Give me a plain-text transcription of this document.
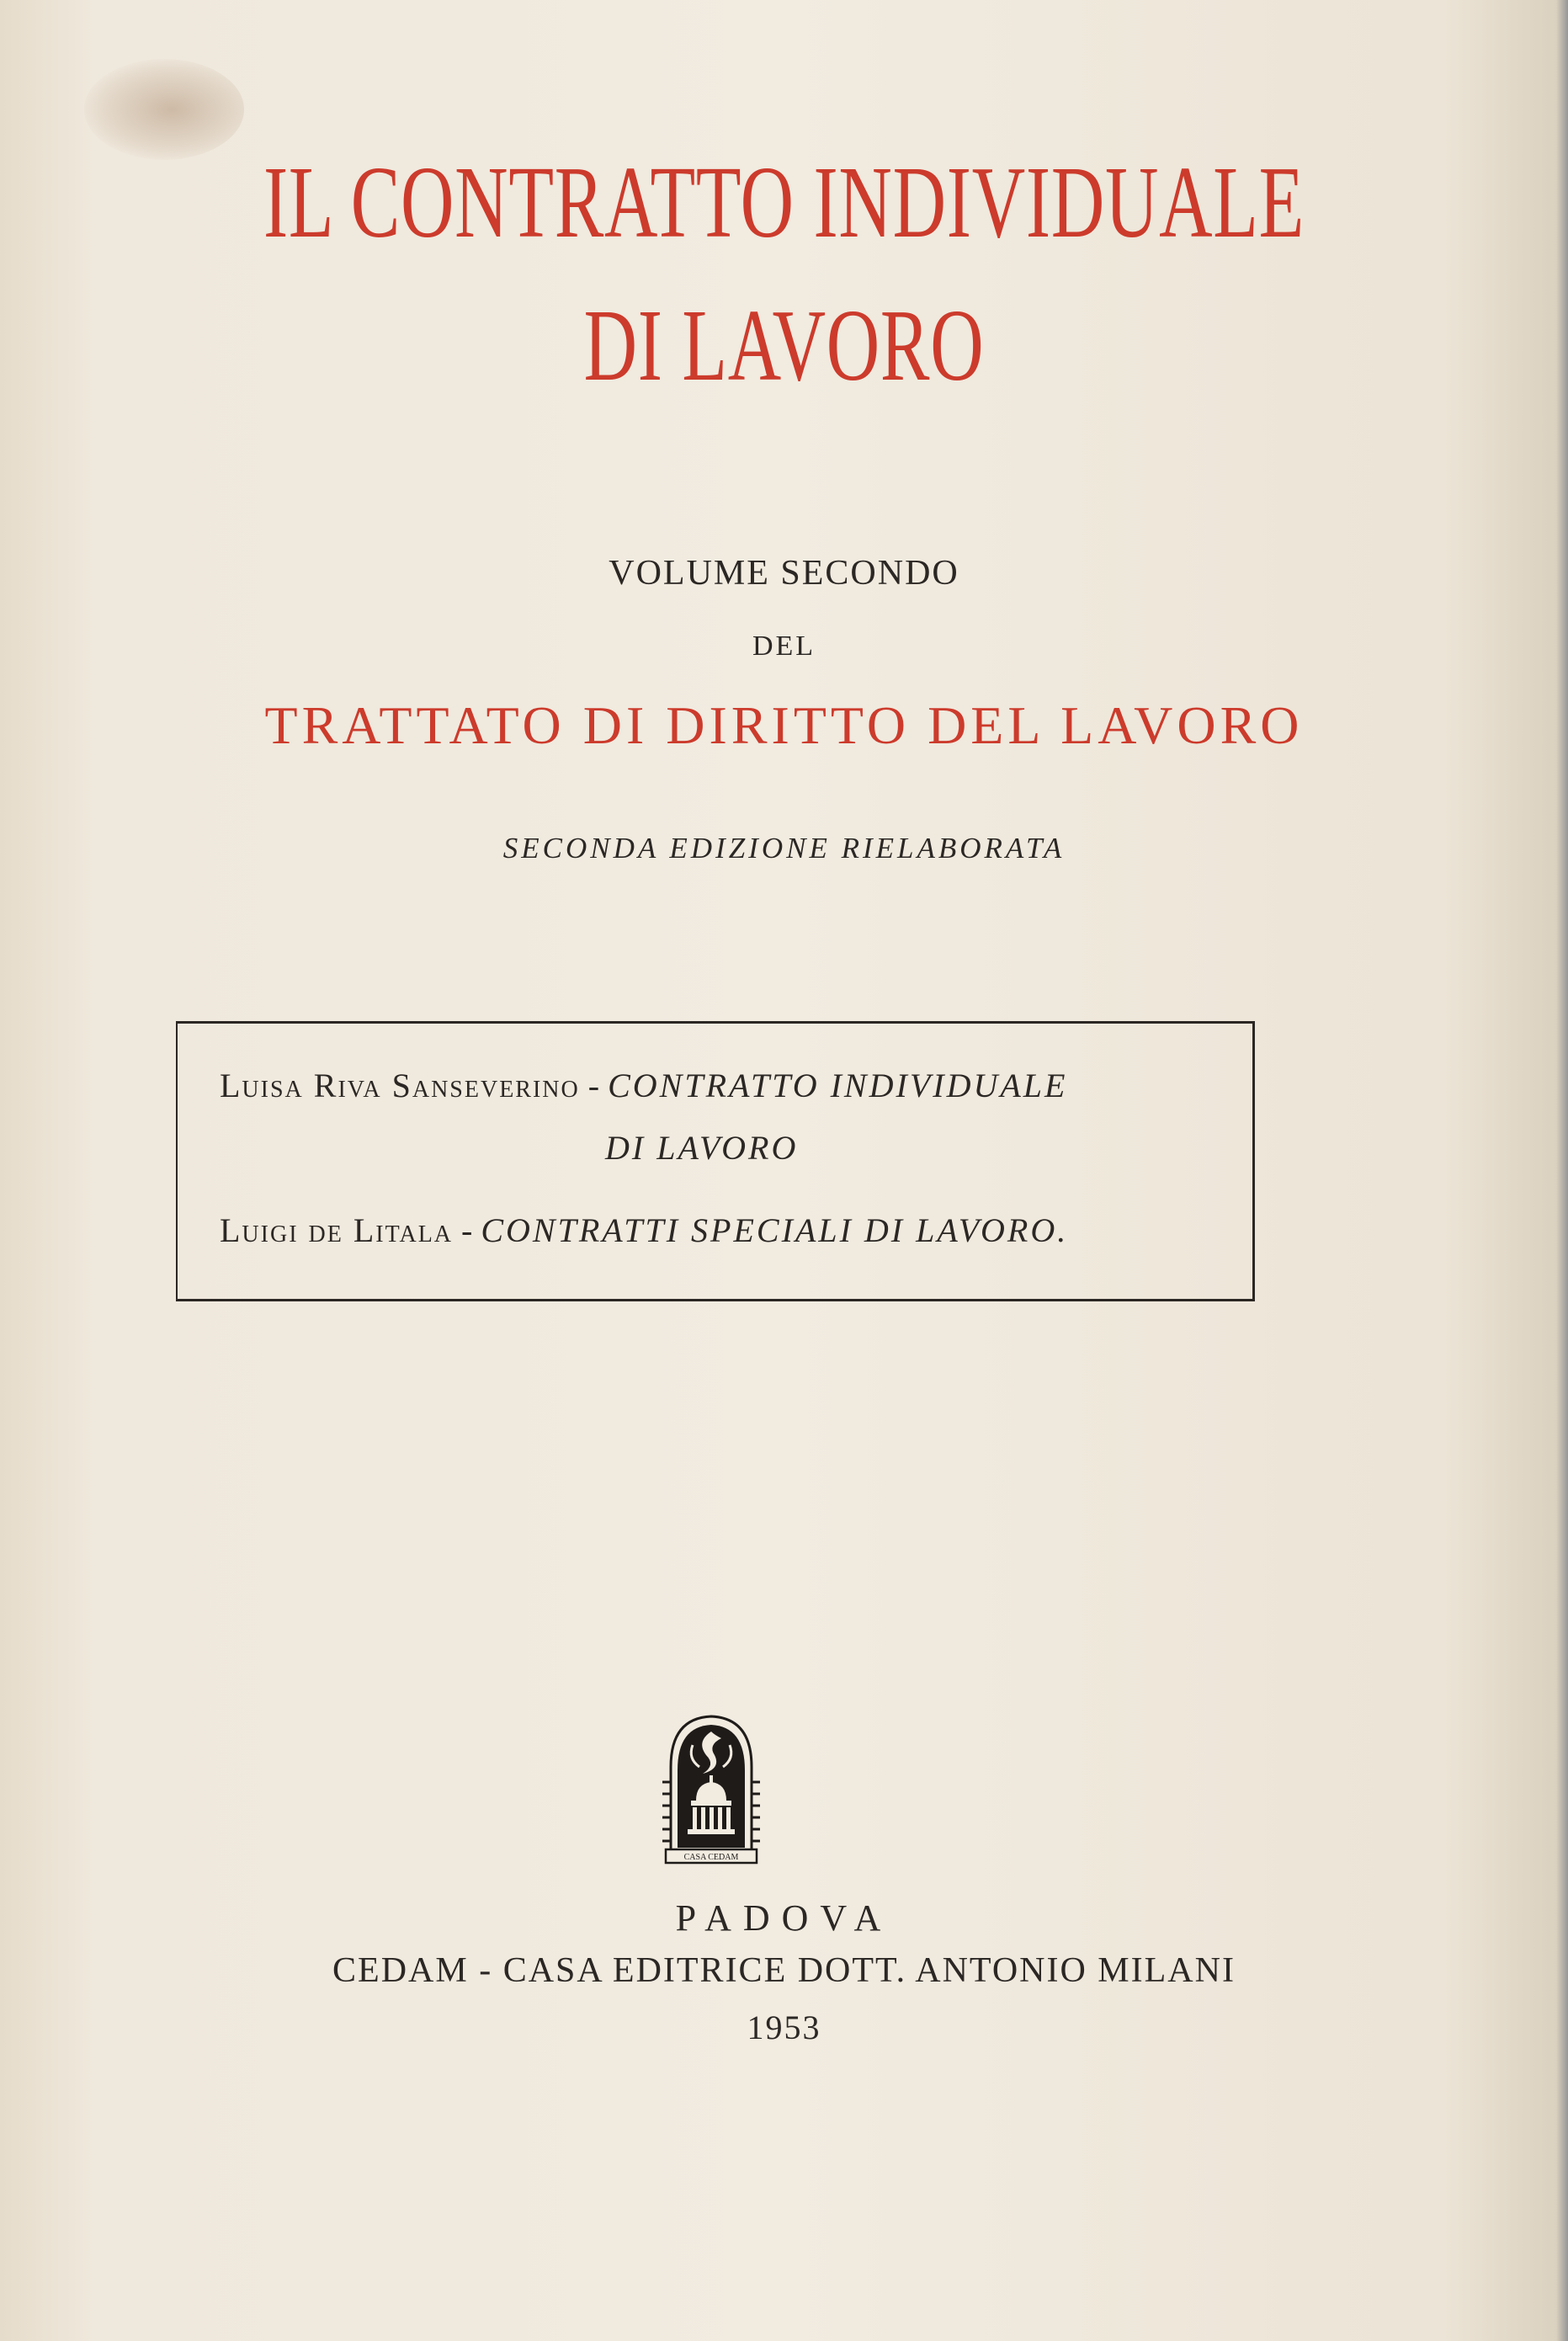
IL CONTRATTO INDIVIDUALE
DI LAVORO
VOLUME SECONDO
DEL
TRATTATO DI DIRITTO DEL LAVORO
SECONDA EDIZIONE RIELABORATA
Luisa Riva Sanseverino - CONTRATTO INDIVIDUALE
DI LAVORO
Luigi de Litala - CONTRATTI SPECIALI DI LAVORO.
CASA CEDAM
PADOVA
CEDAM - CASA EDITRICE DOTT. ANTONIO MILANI
1953
